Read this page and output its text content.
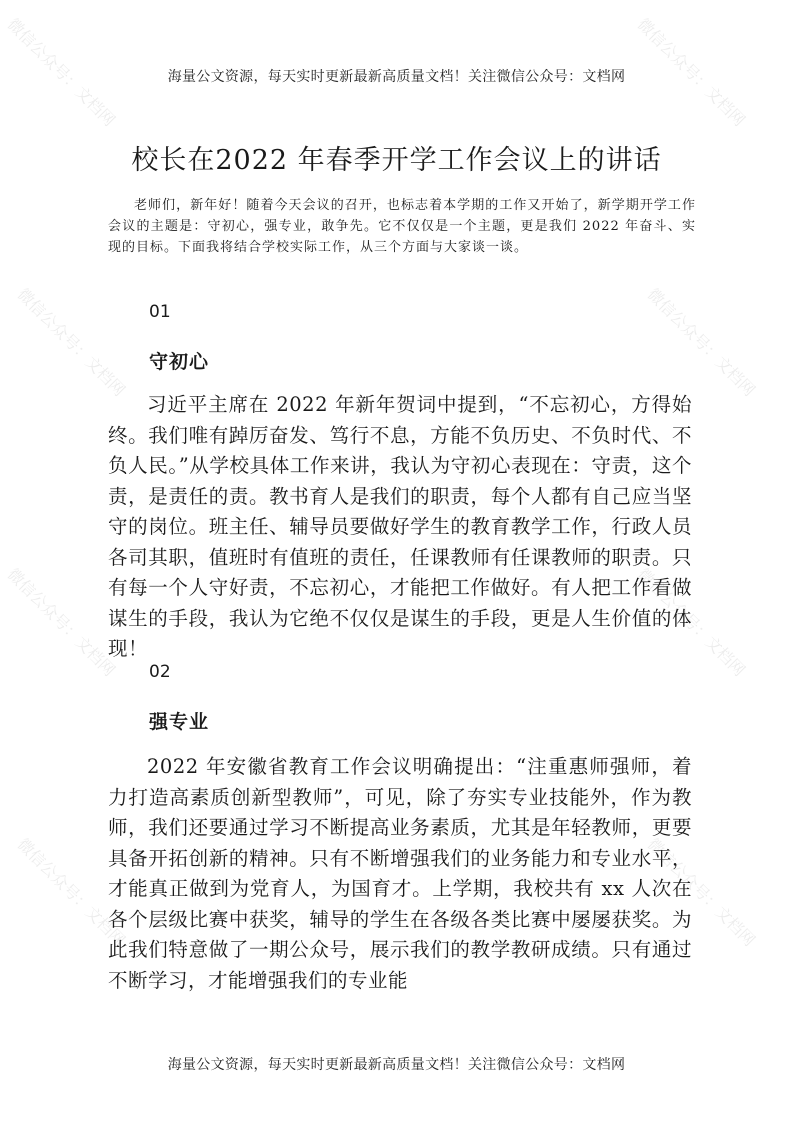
微信公众号：文档网	微信公众号：文档网
微信公众号：文档网	微信公众号：文档网
微信公众号：文档网	微信公众号：文档网
微信公众号：文档网	微信公众号：文档网
海量公文资源，每天实时更新最新高质量文档！关注微信公众号：文档网
校长在2022 年春季开学工作会议上的讲话

老师们，新年好！随着今天会议的召开，也标志着本学期的工作又开始了，新学期开学工作会议的主题是：守初心，强专业，敢争先。它不仅仅是一个主题，更是我们 2022 年奋斗、实现的目标。下面我将结合学校实际工作，从三个方面与大家谈一谈。

01
守初心

习近平主席在 2022 年新年贺词中提到，“不忘初心，方得始终。我们唯有踔厉奋发、笃行不息，方能不负历史、不负时代、不负人民。”从学校具体工作来讲，我认为守初心表现在：守责，这个责，是责任的责。教书育人是我们的职责，每个人都有自己应当坚守的岗位。班主任、辅导员要做好学生的教育教学工作，行政人员各司其职，值班时有值班的责任，任课教师有任课教师的职责。只有每一个人守好责，不忘初心，才能把工作做好。有人把工作看做谋生的手段，我认为它绝不仅仅是谋生的手段，更是人生价值的体现！

02
强专业

2022 年安徽省教育工作会议明确提出：“注重惠师强师，着力打造高素质创新型教师”，可见，除了夯实专业技能外，作为教师，我们还要通过学习不断提高业务素质，尤其是年轻教师，更要具备开拓创新的精神。只有不断增强我们的业务能力和专业水平，才能真正做到为党育人，为国育才。上学期，我校共有 xx 人次在各个层级比赛中获奖，辅导的学生在各级各类比赛中屡屡获奖。为此我们特意做了一期公众号，展示我们的教学教研成绩。只有通过不断学习，才能增强我们的专业能

海量公文资源，每天实时更新最新高质量文档！关注微信公众号：文档网
